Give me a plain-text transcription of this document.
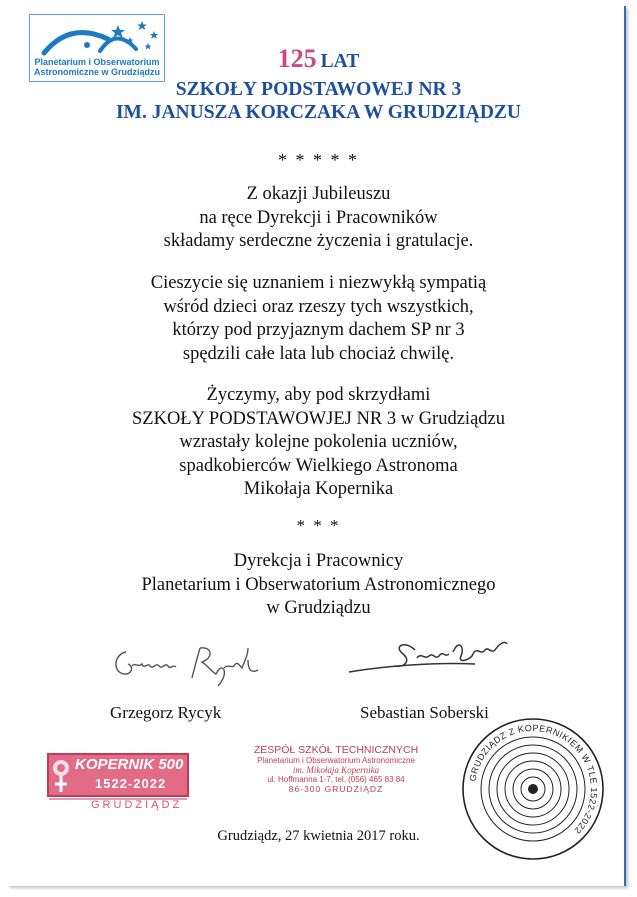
Planetarium i Obserwatorium
Astronomiczne w Grudziądzu	125 LAT
SZKOŁY PODSTAWOWEJ NR 3
IM. JANUSZA KORCZAKA W GRUDZIĄDZU
* * * * *
Z okazji Jubileuszu
na ręce Dyrekcji i Pracowników
składamy serdeczne życzenia i gratulacje.
Cieszycie się uznaniem i niezwykłą sympatią
wśród dzieci oraz rzeszy tych wszystkich,
którzy pod przyjaznym dachem SP nr 3
spędzili całe lata lub chociaż chwilę.
Życzymy, aby pod skrzydłami
SZKOŁY PODSTAWOWJEJ NR 3 w Grudziądzu
wzrastały kolejne pokolenia uczniów,
spadkobierców Wielkiego Astronoma
Mikołaja Kopernika
* * *
Dyrekcja i Pracownicy
Planetarium i Obserwatorium Astronomicznego
w Grudziądzu
Grzegorz Rycyk	Sebastian Soberski
KOPERNIK 500
1522-2022
GRUDZIĄDZ
ZESPÓŁ SZKÓŁ TECHNICZNYCH
Planetarium i Obserwatorium Astronomiczne
im. Mikołaja Kopernika
ul. Hoffmanna 1-7, tel. (056) 465 83 84
86-300 GRUDZIĄDZ
GRUDZIĄDZ Z KOPERNIKIEM W TLE 1522-2022
Grudziądz, 27 kwietnia 2017 roku.
